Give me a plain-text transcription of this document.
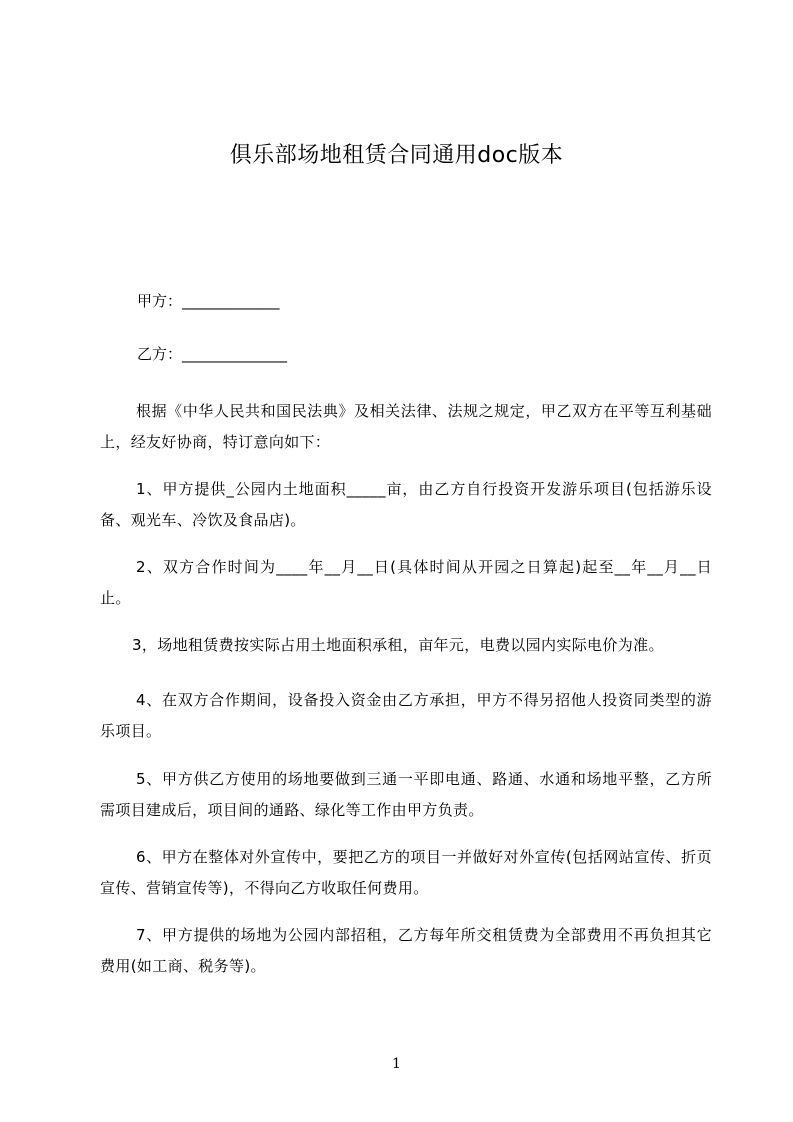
俱乐部场地租赁合同通用doc版本
甲方：_____________
乙方：______________
根据《中华人民共和国民法典》及相关法律、法规之规定，甲乙双方在平等互利基础上，经友好协商，特订意向如下：
1、甲方提供_公园内土地面积_____亩，由乙方自行投资开发游乐项目(包括游乐设备、观光车、冷饮及食品店)。
2、双方合作时间为____年__月__日(具体时间从开园之日算起)起至__年__月__日止。
3，场地租赁费按实际占用土地面积承租，亩年元，电费以园内实际电价为准。
4、在双方合作期间，设备投入资金由乙方承担，甲方不得另招他人投资同类型的游乐项目。
5、甲方供乙方使用的场地要做到三通一平即电通、路通、水通和场地平整，乙方所需项目建成后，项目间的通路、绿化等工作由甲方负责。
6、甲方在整体对外宣传中，要把乙方的项目一并做好对外宣传(包括网站宣传、折页宣传、营销宣传等)，不得向乙方收取任何费用。
7、甲方提供的场地为公园内部招租，乙方每年所交租赁费为全部费用不再负担其它费用(如工商、税务等)。
1
